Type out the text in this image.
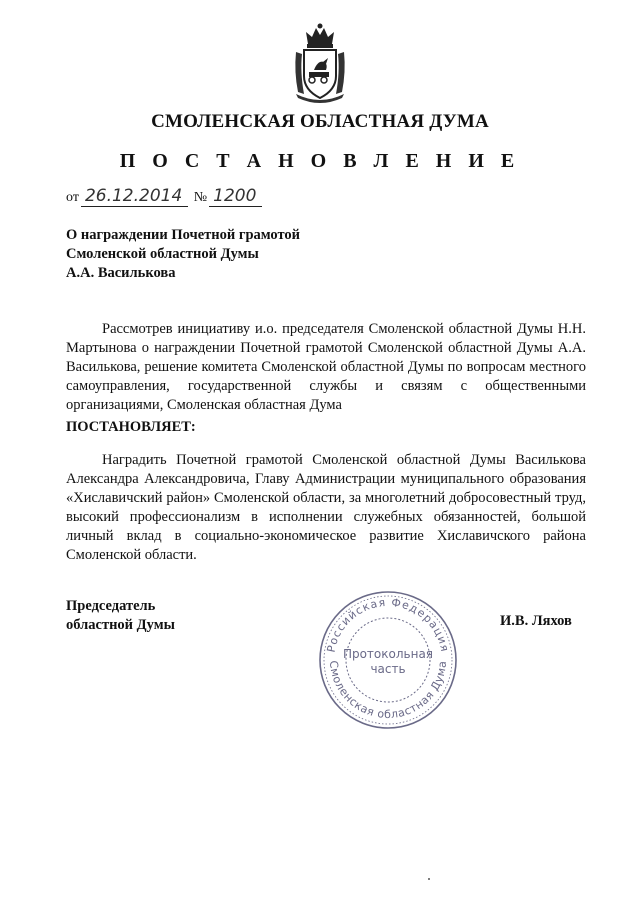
СМОЛЕНСКАЯ ОБЛАСТНАЯ ДУМА
П О С Т А Н О В Л Е Н И Е
от 26.12.2014 № 1200
О награждении Почетной грамотой
Смоленской областной Думы
А.А. Василькова
Рассмотрев инициативу и.о. председателя Смоленской областной Думы Н.Н. Мартынова о награждении Почетной грамотой Смоленской областной Думы А.А. Василькова, решение комитета Смоленской областной Думы по вопросам местного самоуправления, государственной службы и связям с общественными организациями, Смоленская областная Дума
ПОСТАНОВЛЯЕТ:
Наградить Почетной грамотой Смоленской областной Думы Василькова Александра Александровича, Главу Администрации муниципального образования «Хиславичский район» Смоленской области, за многолетний добросовестный труд, высокий профессионализм в исполнении служебных обязанностей, большой личный вклад в социально-экономическое развитие Хиславичского района Смоленской области.
Председатель
областной Думы	И.В. Ляхов
Российская Федерация
Смоленская областная Дума
Протокольная
часть
